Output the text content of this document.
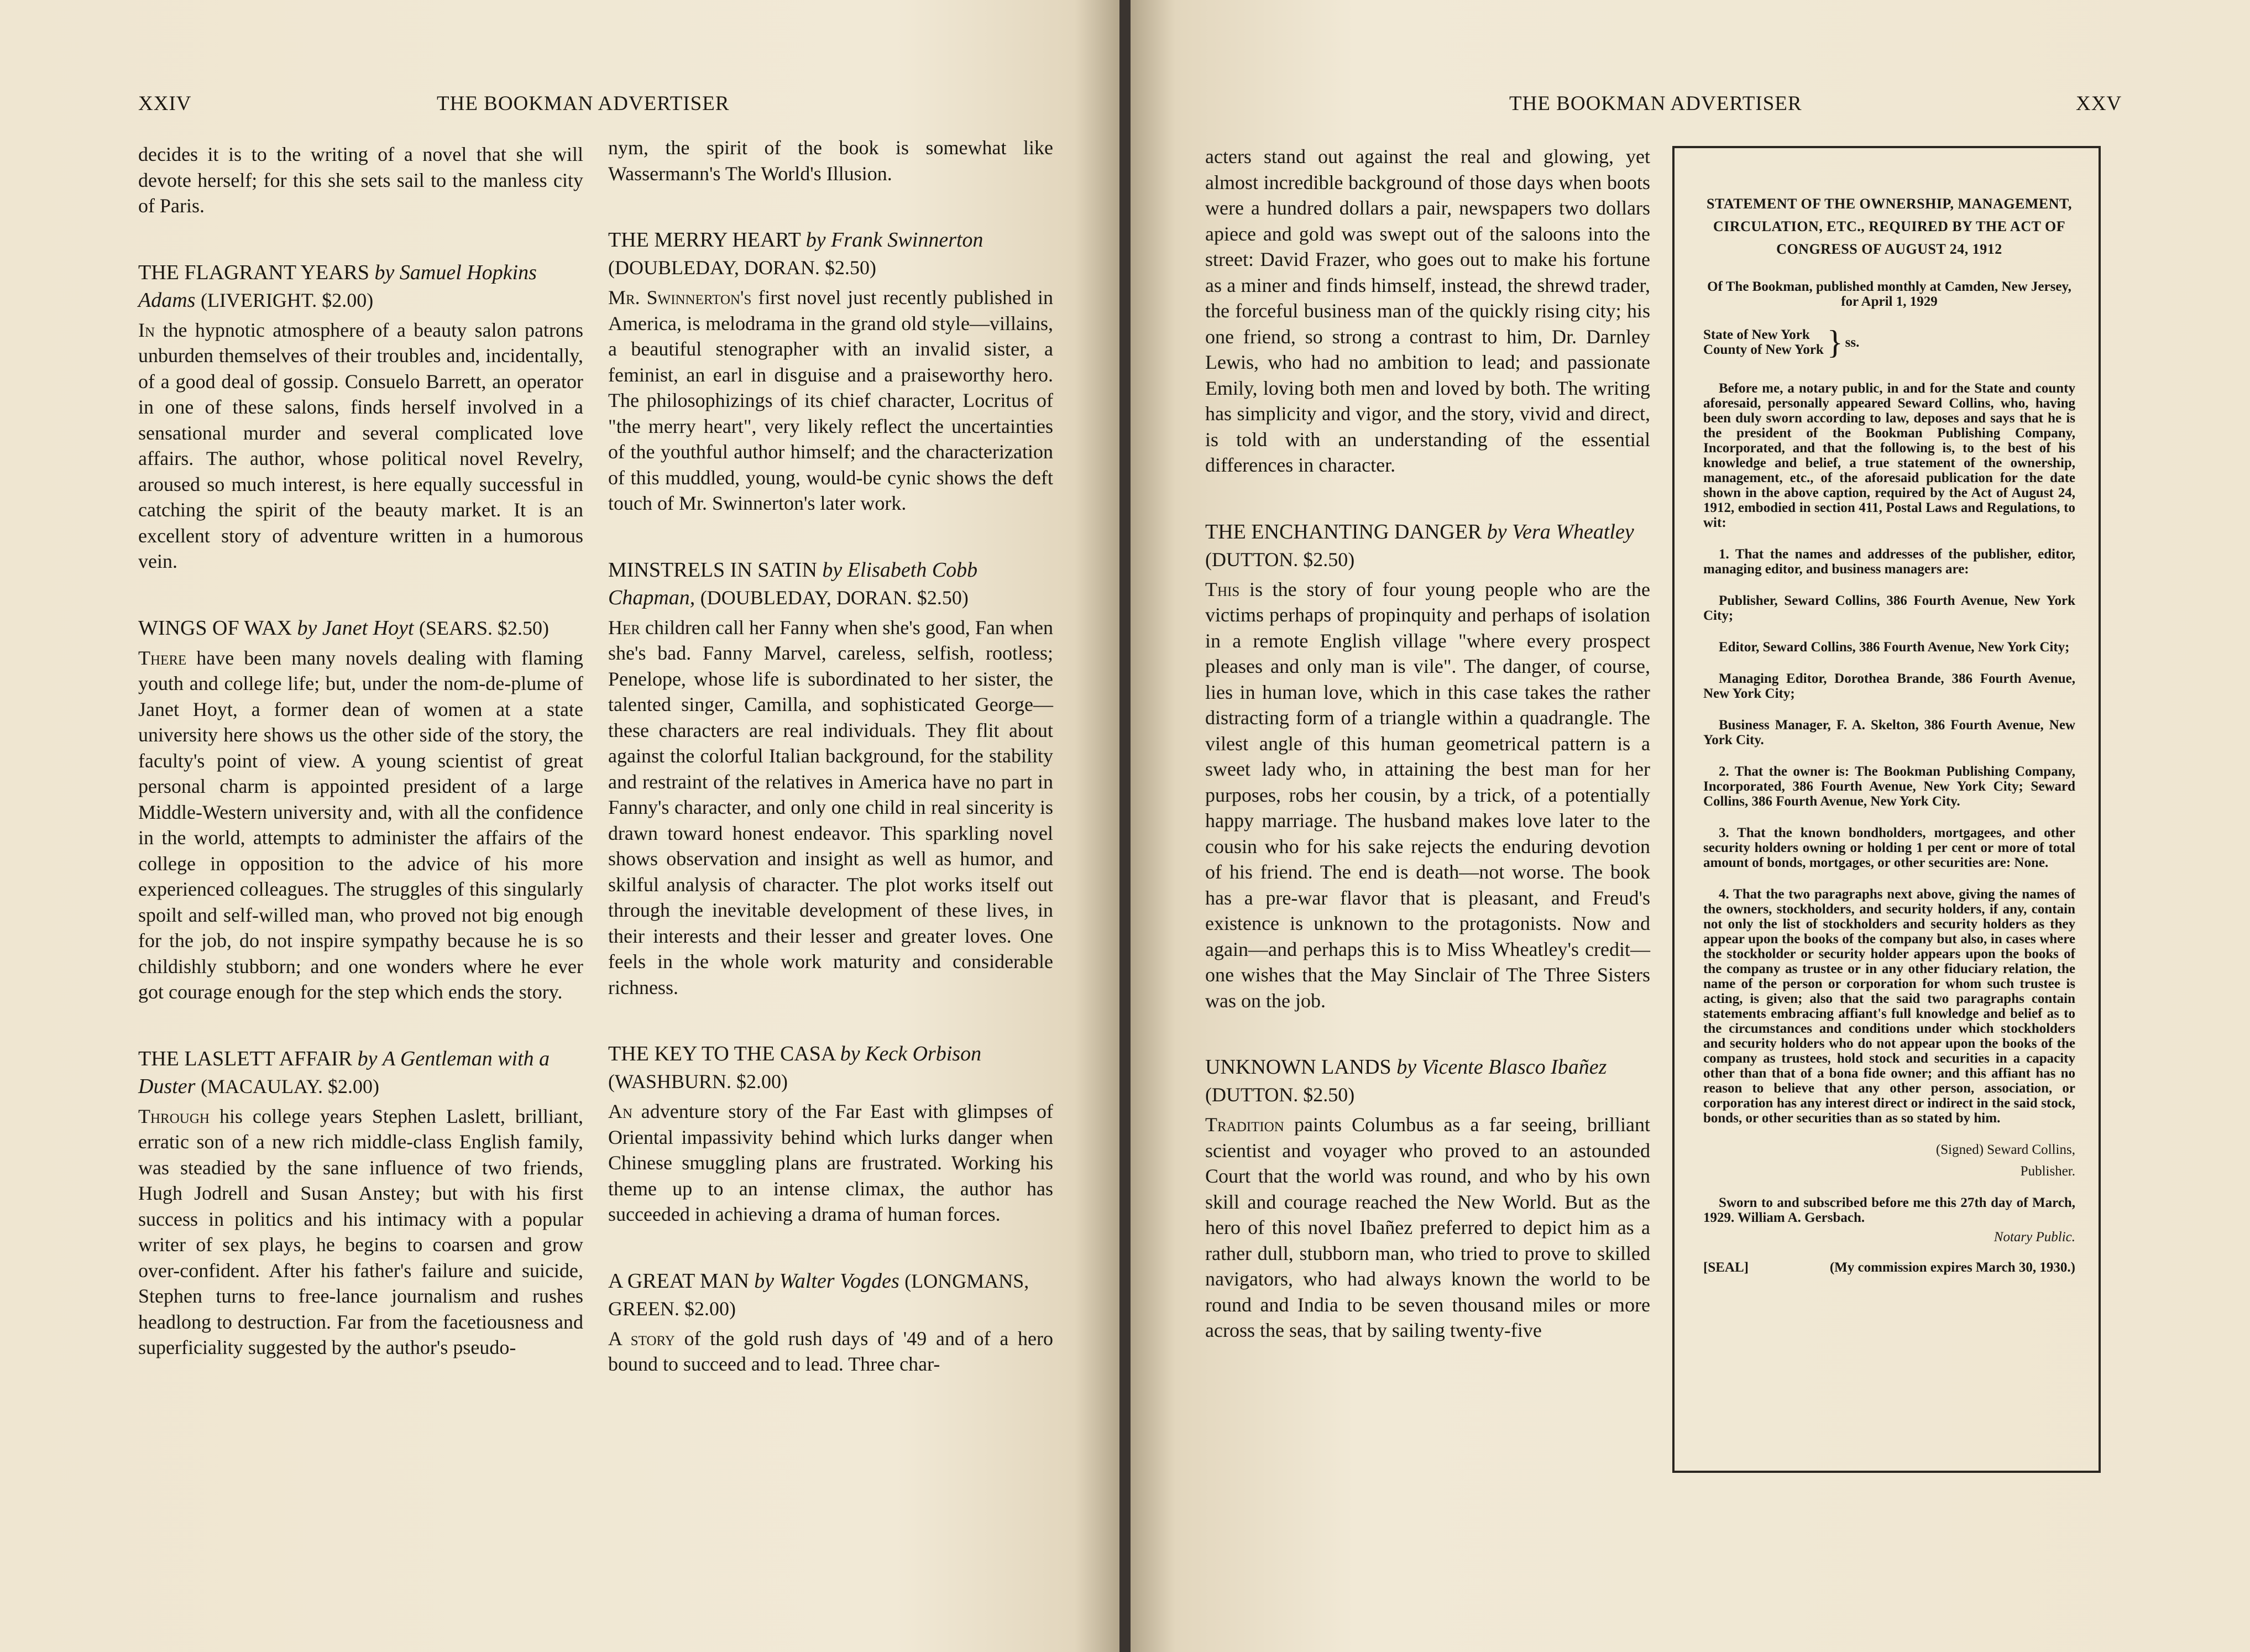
XXIV	THE BOOKMAN ADVERTISER

decides it is to the writing of a novel that she will devote herself; for this she sets sail to the manless city of Paris.

THE FLAGRANT YEARS by Samuel Hopkins Adams (LIVERIGHT. $2.00)

In the hypnotic atmosphere of a beauty salon patrons unburden themselves of their troubles and, incidentally, of a good deal of gossip. Consuelo Barrett, an operator in one of these salons, finds herself involved in a sensational murder and several complicated love affairs. The author, whose political novel Revelry, aroused so much interest, is here equally successful in catching the spirit of the beauty market. It is an excellent story of adventure written in a humorous vein.

WINGS OF WAX by Janet Hoyt (SEARS. $2.50)

There have been many novels dealing with flaming youth and college life; but, under the nom-de-plume of Janet Hoyt, a former dean of women at a state university here shows us the other side of the story, the faculty's point of view. A young scientist of great personal charm is appointed president of a large Middle-Western university and, with all the confidence in the world, attempts to administer the affairs of the college in opposition to the advice of his more experienced colleagues. The struggles of this singularly spoilt and self-willed man, who proved not big enough for the job, do not inspire sympathy because he is so childishly stubborn; and one wonders where he ever got courage enough for the step which ends the story.

THE LASLETT AFFAIR by A Gentleman with a Duster (MACAULAY. $2.00)

Through his college years Stephen Laslett, brilliant, erratic son of a new rich middle-class English family, was steadied by the sane influence of two friends, Hugh Jodrell and Susan Anstey; but with his first success in politics and his intimacy with a popular writer of sex plays, he begins to coarsen and grow over-confident. After his father's failure and suicide, Stephen turns to free-lance journalism and rushes headlong to destruction. Far from the facetiousness and superficiality suggested by the author's pseudo-

nym, the spirit of the book is somewhat like Wassermann's The World's Illusion.

THE MERRY HEART by Frank Swinnerton (DOUBLEDAY, DORAN. $2.50)

Mr. Swinnerton's first novel just recently published in America, is melodrama in the grand old style—villains, a beautiful stenographer with an invalid sister, a feminist, an earl in disguise and a praiseworthy hero. The philosophizings of its chief character, Locritus of "the merry heart", very likely reflect the uncertainties of the youthful author himself; and the characterization of this muddled, young, would-be cynic shows the deft touch of Mr. Swinnerton's later work.

MINSTRELS IN SATIN by Elisabeth Cobb Chapman, (DOUBLEDAY, DORAN. $2.50)

Her children call her Fanny when she's good, Fan when she's bad. Fanny Marvel, careless, selfish, rootless; Penelope, whose life is subordinated to her sister, the talented singer, Camilla, and sophisticated George—these characters are real individuals. They flit about against the colorful Italian background, for the stability and restraint of the relatives in America have no part in Fanny's character, and only one child in real sincerity is drawn toward honest endeavor. This sparkling novel shows observation and insight as well as humor, and skilful analysis of character. The plot works itself out through the inevitable development of these lives, in their interests and their lesser and greater loves. One feels in the whole work maturity and considerable richness.

THE KEY TO THE CASA by Keck Orbison (WASHBURN. $2.00)

An adventure story of the Far East with glimpses of Oriental impassivity behind which lurks danger when Chinese smuggling plans are frustrated. Working his theme up to an intense climax, the author has succeeded in achieving a drama of human forces.

A GREAT MAN by Walter Vogdes (LONGMANS, GREEN. $2.00)

A story of the gold rush days of '49 and of a hero bound to succeed and to lead. Three char-

THE BOOKMAN ADVERTISER	XXV

acters stand out against the real and glowing, yet almost incredible background of those days when boots were a hundred dollars a pair, newspapers two dollars apiece and gold was swept out of the saloons into the street: David Frazer, who goes out to make his fortune as a miner and finds himself, instead, the shrewd trader, the forceful business man of the quickly rising city; his one friend, so strong a contrast to him, Dr. Darnley Lewis, who had no ambition to lead; and passionate Emily, loving both men and loved by both. The writing has simplicity and vigor, and the story, vivid and direct, is told with an understanding of the essential differences in character.

THE ENCHANTING DANGER by Vera Wheatley (DUTTON. $2.50)

This is the story of four young people who are the victims perhaps of propinquity and perhaps of isolation in a remote English village "where every prospect pleases and only man is vile". The danger, of course, lies in human love, which in this case takes the rather distracting form of a triangle within a quadrangle. The vilest angle of this human geometrical pattern is a sweet lady who, in attaining the best man for her purposes, robs her cousin, by a trick, of a potentially happy marriage. The husband makes love later to the cousin who for his sake rejects the enduring devotion of his friend. The end is death—not worse. The book has a pre-war flavor that is pleasant, and Freud's existence is unknown to the protagonists. Now and again—and perhaps this is to Miss Wheatley's credit—one wishes that the May Sinclair of The Three Sisters was on the job.

UNKNOWN LANDS by Vicente Blasco Ibañez (DUTTON. $2.50)

Tradition paints Columbus as a far seeing, brilliant scientist and voyager who proved to an astounded Court that the world was round, and who by his own skill and courage reached the New World. But as the hero of this novel Ibañez preferred to depict him as a rather dull, stubborn man, who tried to prove to skilled navigators, who had always known the world to be round and India to be seven thousand miles or more across the seas, that by sailing twenty-five

STATEMENT OF THE OWNERSHIP, MANAGEMENT, CIRCULATION, ETC., REQUIRED BY THE ACT OF CONGRESS OF AUGUST 24, 1912

Of The Bookman, published monthly at Camden, New Jersey, for April 1, 1929

State of New York
County of New York } ss.

Before me, a notary public, in and for the State and county aforesaid, personally appeared Seward Collins, who, having been duly sworn according to law, deposes and says that he is the president of the Bookman Publishing Company, Incorporated, and that the following is, to the best of his knowledge and belief, a true statement of the ownership, management, etc., of the aforesaid publication for the date shown in the above caption, required by the Act of August 24, 1912, embodied in section 411, Postal Laws and Regulations, to wit:

1. That the names and addresses of the publisher, editor, managing editor, and business managers are:

Publisher, Seward Collins, 386 Fourth Avenue, New York City;

Editor, Seward Collins, 386 Fourth Avenue, New York City;

Managing Editor, Dorothea Brande, 386 Fourth Avenue, New York City;

Business Manager, F. A. Skelton, 386 Fourth Avenue, New York City.

2. That the owner is: The Bookman Publishing Company, Incorporated, 386 Fourth Avenue, New York City; Seward Collins, 386 Fourth Avenue, New York City.

3. That the known bondholders, mortgagees, and other security holders owning or holding 1 per cent or more of total amount of bonds, mortgages, or other securities are: None.

4. That the two paragraphs next above, giving the names of the owners, stockholders, and security holders, if any, contain not only the list of stockholders and security holders as they appear upon the books of the company but also, in cases where the stockholder or security holder appears upon the books of the company as trustee or in any other fiduciary relation, the name of the person or corporation for whom such trustee is acting, is given; also that the said two paragraphs contain statements embracing affiant's full knowledge and belief as to the circumstances and conditions under which stockholders and security holders who do not appear upon the books of the company as trustees, hold stock and securities in a capacity other than that of a bona fide owner; and this affiant has no reason to believe that any other person, association, or corporation has any interest direct or indirect in the said stock, bonds, or other securities than as so stated by him.

(Signed) Seward Collins,
Publisher.

Sworn to and subscribed before me this 27th day of March, 1929. William A. Gersbach.

Notary Public.
[SEAL]	(My commission expires March 30, 1930.)
